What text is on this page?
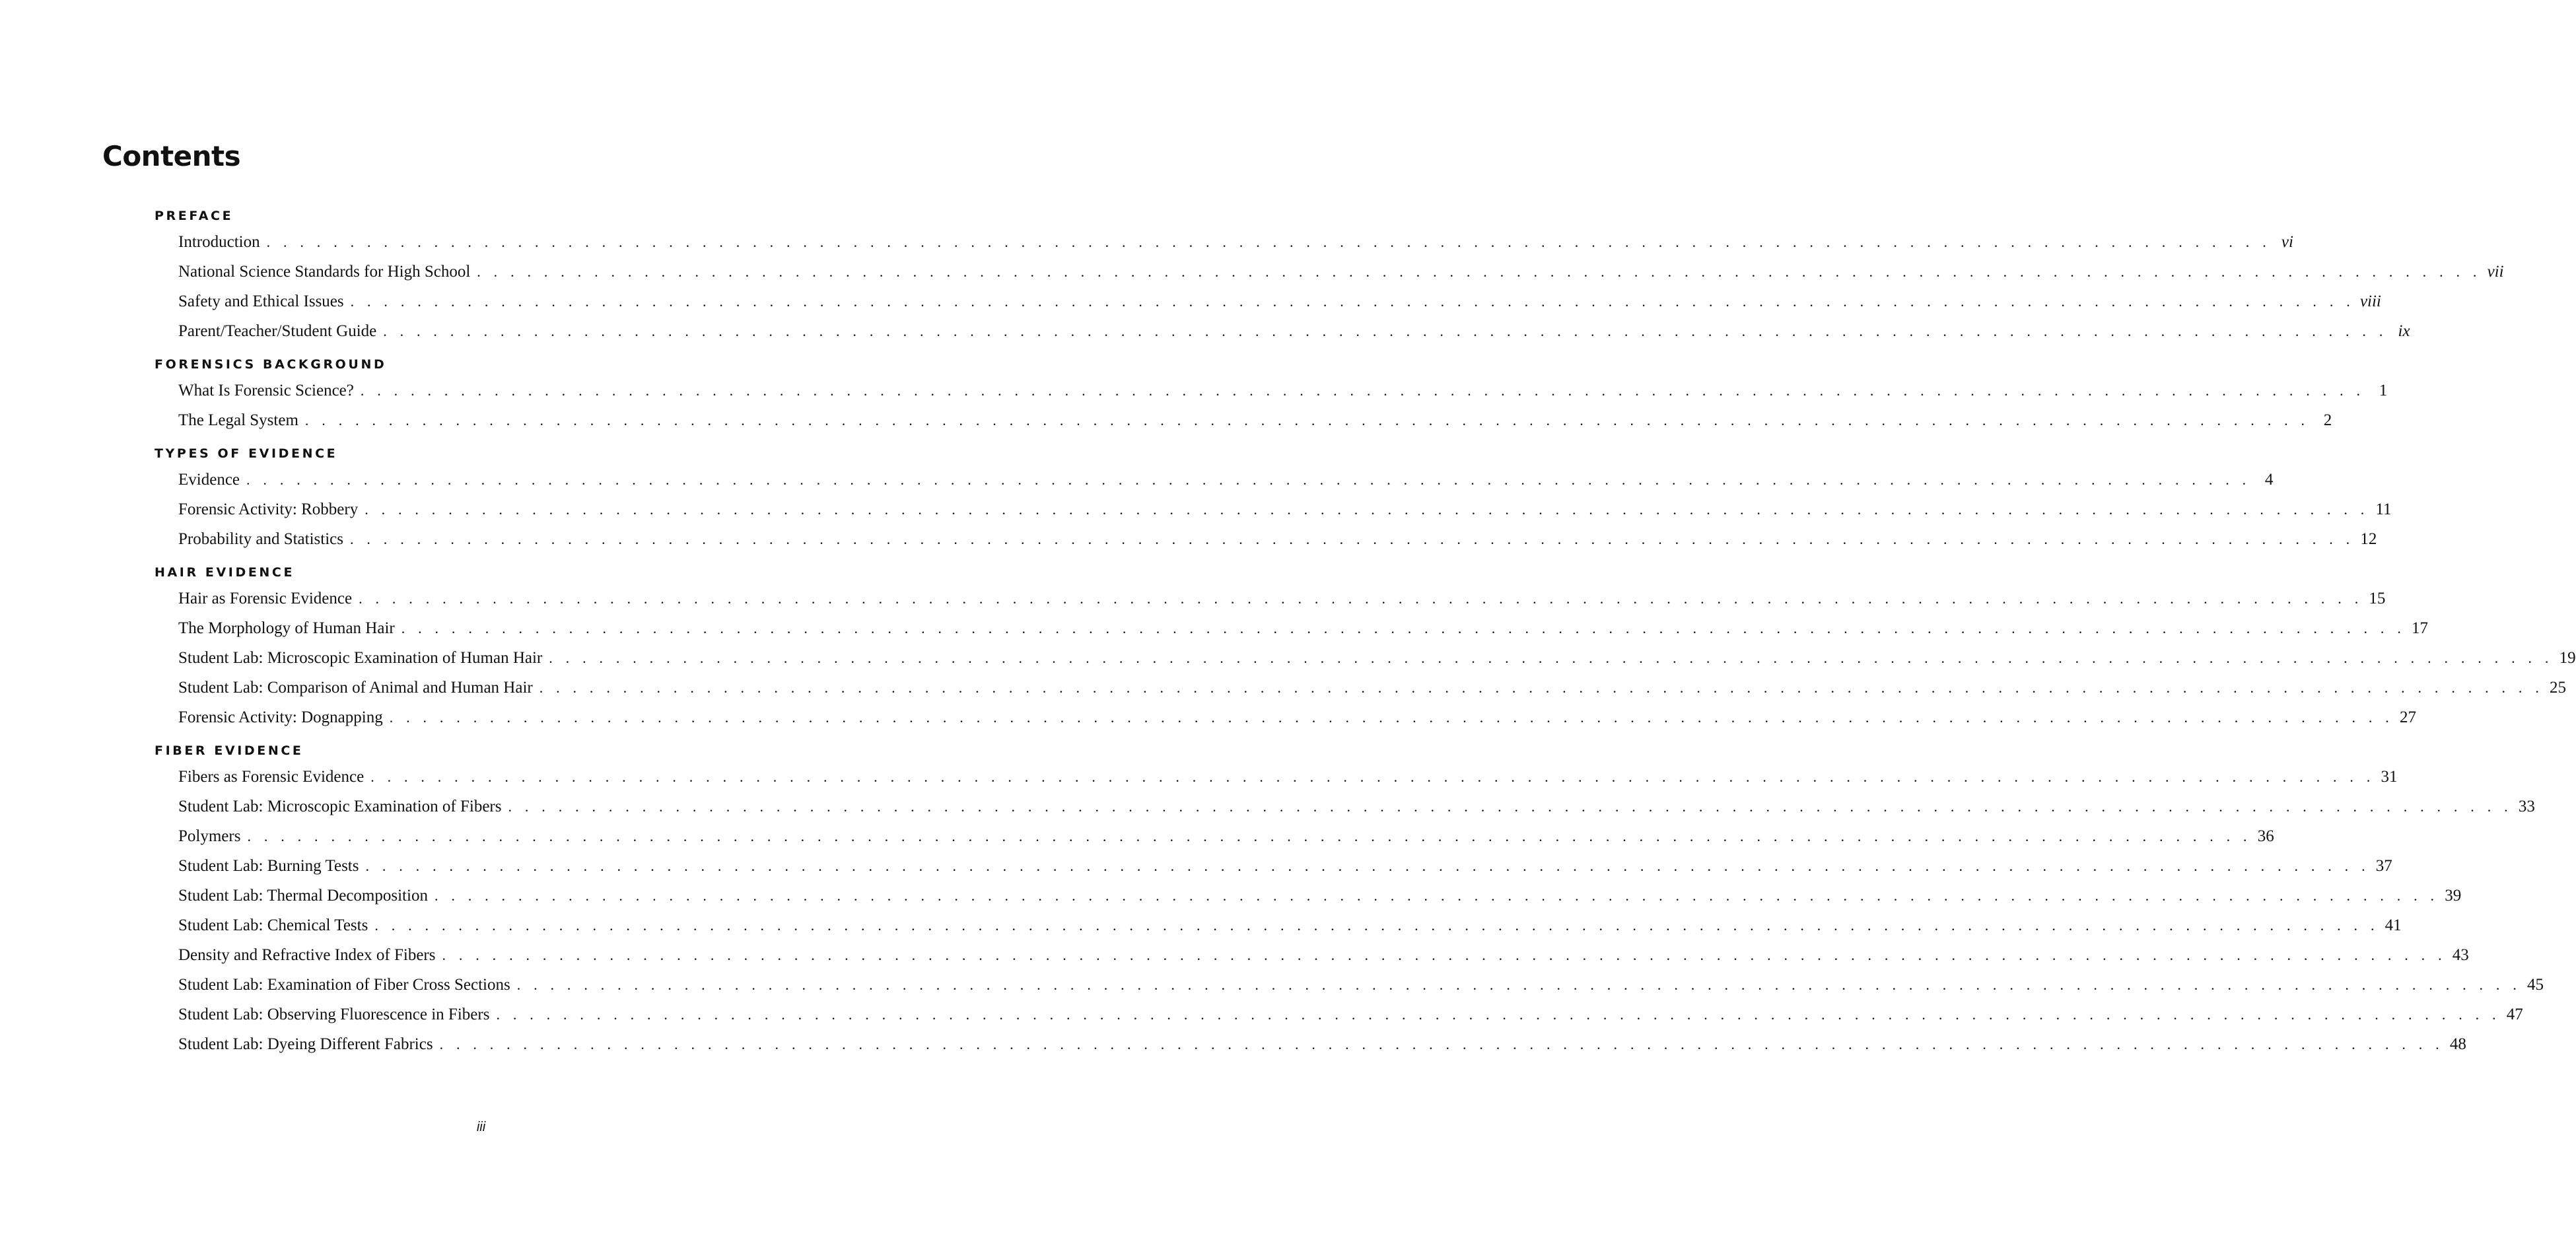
Contents
PREFACE
Introduction . . . . . . . . . . . . . . . . . . . . . . . . . . . . . . . . . . . . . . . . . . . . . . . . . . . . . . . . . . . . . . . . . . . . . . . . . . . . . . . . . . . . . . . . . . . . . . . . . . . . . . . . . . . . . . . . . . . . . . . . vi
National Science Standards for High School . . . . . . . . . . . . . . . . . . . . . . . . . . . . . . . . . . . . . . . . . . . . . . . . . . . . . . . . . . . . . . . . . . . . . . . . . . . . . . . . . . . . . . . . . . . . . . . . . . . . . . . . . . . . . . . . . . . . . . . . vii
Safety and Ethical Issues . . . . . . . . . . . . . . . . . . . . . . . . . . . . . . . . . . . . . . . . . . . . . . . . . . . . . . . . . . . . . . . . . . . . . . . . . . . . . . . . . . . . . . . . . . . . . . . . . . . . . . . . . . . . . . . . . . . . . . . . viii
Parent/Teacher/Student Guide . . . . . . . . . . . . . . . . . . . . . . . . . . . . . . . . . . . . . . . . . . . . . . . . . . . . . . . . . . . . . . . . . . . . . . . . . . . . . . . . . . . . . . . . . . . . . . . . . . . . . . . . . . . . . . . . . . . . . . . . ix
FORENSICS BACKGROUND
What Is Forensic Science? . . . . . . . . . . . . . . . . . . . . . . . . . . . . . . . . . . . . . . . . . . . . . . . . . . . . . . . . . . . . . . . . . . . . . . . . . . . . . . . . . . . . . . . . . . . . . . . . . . . . . . . . . . . . . . . . . . . . . . . . 1
The Legal System . . . . . . . . . . . . . . . . . . . . . . . . . . . . . . . . . . . . . . . . . . . . . . . . . . . . . . . . . . . . . . . . . . . . . . . . . . . . . . . . . . . . . . . . . . . . . . . . . . . . . . . . . . . . . . . . . . . . . . . . 2
TYPES OF EVIDENCE
Evidence . . . . . . . . . . . . . . . . . . . . . . . . . . . . . . . . . . . . . . . . . . . . . . . . . . . . . . . . . . . . . . . . . . . . . . . . . . . . . . . . . . . . . . . . . . . . . . . . . . . . . . . . . . . . . . . . . . . . . . . . 4
Forensic Activity: Robbery . . . . . . . . . . . . . . . . . . . . . . . . . . . . . . . . . . . . . . . . . . . . . . . . . . . . . . . . . . . . . . . . . . . . . . . . . . . . . . . . . . . . . . . . . . . . . . . . . . . . . . . . . . . . . . . . . . . . . . . . 11
Probability and Statistics . . . . . . . . . . . . . . . . . . . . . . . . . . . . . . . . . . . . . . . . . . . . . . . . . . . . . . . . . . . . . . . . . . . . . . . . . . . . . . . . . . . . . . . . . . . . . . . . . . . . . . . . . . . . . . . . . . . . . . . . 12
HAIR EVIDENCE
Hair as Forensic Evidence . . . . . . . . . . . . . . . . . . . . . . . . . . . . . . . . . . . . . . . . . . . . . . . . . . . . . . . . . . . . . . . . . . . . . . . . . . . . . . . . . . . . . . . . . . . . . . . . . . . . . . . . . . . . . . . . . . . . . . . . 15
The Morphology of Human Hair . . . . . . . . . . . . . . . . . . . . . . . . . . . . . . . . . . . . . . . . . . . . . . . . . . . . . . . . . . . . . . . . . . . . . . . . . . . . . . . . . . . . . . . . . . . . . . . . . . . . . . . . . . . . . . . . . . . . . . . . 17
Student Lab: Microscopic Examination of Human Hair . . . . . . . . . . . . . . . . . . . . . . . . . . . . . . . . . . . . . . . . . . . . . . . . . . . . . . . . . . . . . . . . . . . . . . . . . . . . . . . . . . . . . . . . . . . . . . . . . . . . . . . . . . . . . . . . . . . . . . . . 19
Student Lab: Comparison of Animal and Human Hair . . . . . . . . . . . . . . . . . . . . . . . . . . . . . . . . . . . . . . . . . . . . . . . . . . . . . . . . . . . . . . . . . . . . . . . . . . . . . . . . . . . . . . . . . . . . . . . . . . . . . . . . . . . . . . . . . . . . . . . . 25
Forensic Activity: Dognapping . . . . . . . . . . . . . . . . . . . . . . . . . . . . . . . . . . . . . . . . . . . . . . . . . . . . . . . . . . . . . . . . . . . . . . . . . . . . . . . . . . . . . . . . . . . . . . . . . . . . . . . . . . . . . . . . . . . . . . . . 27
FIBER EVIDENCE
Fibers as Forensic Evidence . . . . . . . . . . . . . . . . . . . . . . . . . . . . . . . . . . . . . . . . . . . . . . . . . . . . . . . . . . . . . . . . . . . . . . . . . . . . . . . . . . . . . . . . . . . . . . . . . . . . . . . . . . . . . . . . . . . . . . . . 31
Student Lab: Microscopic Examination of Fibers . . . . . . . . . . . . . . . . . . . . . . . . . . . . . . . . . . . . . . . . . . . . . . . . . . . . . . . . . . . . . . . . . . . . . . . . . . . . . . . . . . . . . . . . . . . . . . . . . . . . . . . . . . . . . . . . . . . . . . . . 33
Polymers . . . . . . . . . . . . . . . . . . . . . . . . . . . . . . . . . . . . . . . . . . . . . . . . . . . . . . . . . . . . . . . . . . . . . . . . . . . . . . . . . . . . . . . . . . . . . . . . . . . . . . . . . . . . . . . . . . . . . . . . 36
Student Lab: Burning Tests . . . . . . . . . . . . . . . . . . . . . . . . . . . . . . . . . . . . . . . . . . . . . . . . . . . . . . . . . . . . . . . . . . . . . . . . . . . . . . . . . . . . . . . . . . . . . . . . . . . . . . . . . . . . . . . . . . . . . . . . 37
Student Lab: Thermal Decomposition . . . . . . . . . . . . . . . . . . . . . . . . . . . . . . . . . . . . . . . . . . . . . . . . . . . . . . . . . . . . . . . . . . . . . . . . . . . . . . . . . . . . . . . . . . . . . . . . . . . . . . . . . . . . . . . . . . . . . . . . 39
Student Lab: Chemical Tests . . . . . . . . . . . . . . . . . . . . . . . . . . . . . . . . . . . . . . . . . . . . . . . . . . . . . . . . . . . . . . . . . . . . . . . . . . . . . . . . . . . . . . . . . . . . . . . . . . . . . . . . . . . . . . . . . . . . . . . . 41
Density and Refractive Index of Fibers . . . . . . . . . . . . . . . . . . . . . . . . . . . . . . . . . . . . . . . . . . . . . . . . . . . . . . . . . . . . . . . . . . . . . . . . . . . . . . . . . . . . . . . . . . . . . . . . . . . . . . . . . . . . . . . . . . . . . . . . 43
Student Lab: Examination of Fiber Cross Sections . . . . . . . . . . . . . . . . . . . . . . . . . . . . . . . . . . . . . . . . . . . . . . . . . . . . . . . . . . . . . . . . . . . . . . . . . . . . . . . . . . . . . . . . . . . . . . . . . . . . . . . . . . . . . . . . . . . . . . . . 45
Student Lab: Observing Fluorescence in Fibers . . . . . . . . . . . . . . . . . . . . . . . . . . . . . . . . . . . . . . . . . . . . . . . . . . . . . . . . . . . . . . . . . . . . . . . . . . . . . . . . . . . . . . . . . . . . . . . . . . . . . . . . . . . . . . . . . . . . . . . . 47
Student Lab: Dyeing Different Fabrics . . . . . . . . . . . . . . . . . . . . . . . . . . . . . . . . . . . . . . . . . . . . . . . . . . . . . . . . . . . . . . . . . . . . . . . . . . . . . . . . . . . . . . . . . . . . . . . . . . . . . . . . . . . . . . . . . . . . . . . . 48
iii
